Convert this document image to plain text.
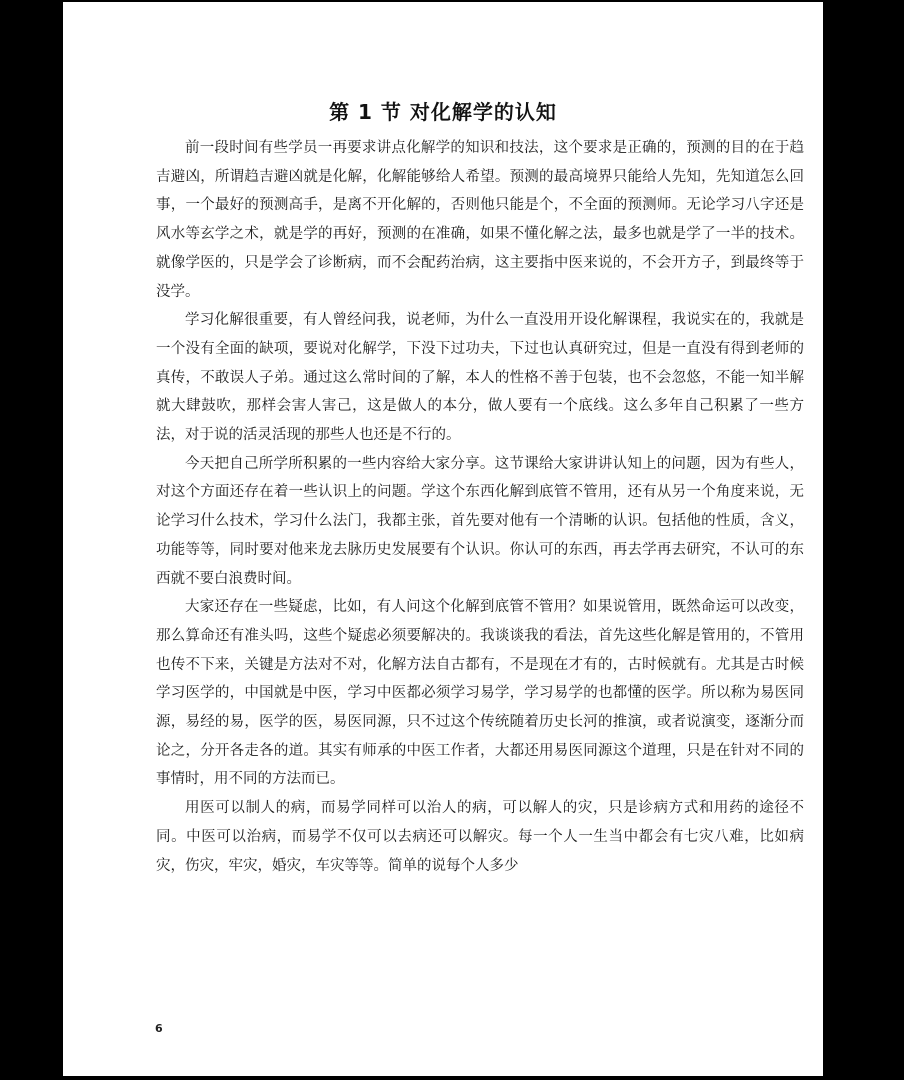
第 1 节 对化解学的认知

前一段时间有些学员一再要求讲点化解学的知识和技法，这个要求是正确的，预测的目的在于趋吉避凶，所谓趋吉避凶就是化解，化解能够给人希望。预测的最高境界只能给人先知，先知道怎么回事，一个最好的预测高手，是离不开化解的，否则他只能是个，不全面的预测师。无论学习八字还是风水等玄学之术，就是学的再好，预测的在准确，如果不懂化解之法，最多也就是学了一半的技术。就像学医的，只是学会了诊断病，而不会配药治病，这主要指中医来说的，不会开方子，到最终等于没学。

学习化解很重要，有人曾经问我，说老师，为什么一直没用开设化解课程，我说实在的，我就是一个没有全面的缺项，要说对化解学，下没下过功夫，下过也认真研究过，但是一直没有得到老师的真传，不敢误人子弟。通过这么常时间的了解，本人的性格不善于包装，也不会忽悠，不能一知半解就大肆鼓吹，那样会害人害己，这是做人的本分，做人要有一个底线。这么多年自己积累了一些方法，对于说的活灵活现的那些人也还是不行的。

今天把自己所学所积累的一些内容给大家分享。这节课给大家讲讲认知上的问题，因为有些人，对这个方面还存在着一些认识上的问题。学这个东西化解到底管不管用，还有从另一个角度来说，无论学习什么技术，学习什么法门，我都主张，首先要对他有一个清晰的认识。包括他的性质，含义，功能等等，同时要对他来龙去脉历史发展要有个认识。你认可的东西，再去学再去研究，不认可的东西就不要白浪费时间。

大家还存在一些疑虑，比如，有人问这个化解到底管不管用？如果说管用，既然命运可以改变，那么算命还有准头吗，这些个疑虑必须要解决的。我谈谈我的看法，首先这些化解是管用的，不管用也传不下来，关键是方法对不对，化解方法自古都有，不是现在才有的，古时候就有。尤其是古时候学习医学的，中国就是中医，学习中医都必须学习易学，学习易学的也都懂的医学。所以称为易医同源，易经的易，医学的医，易医同源，只不过这个传统随着历史长河的推演，或者说演变，逐渐分而论之，分开各走各的道。其实有师承的中医工作者，大都还用易医同源这个道理，只是在针对不同的事情时，用不同的方法而已。

用医可以制人的病，而易学同样可以治人的病，可以解人的灾，只是诊病方式和用药的途径不同。中医可以治病，而易学不仅可以去病还可以解灾。每一个人一生当中都会有七灾八难，比如病灾，伤灾，牢灾，婚灾，车灾等等。简单的说每个人多少

6
